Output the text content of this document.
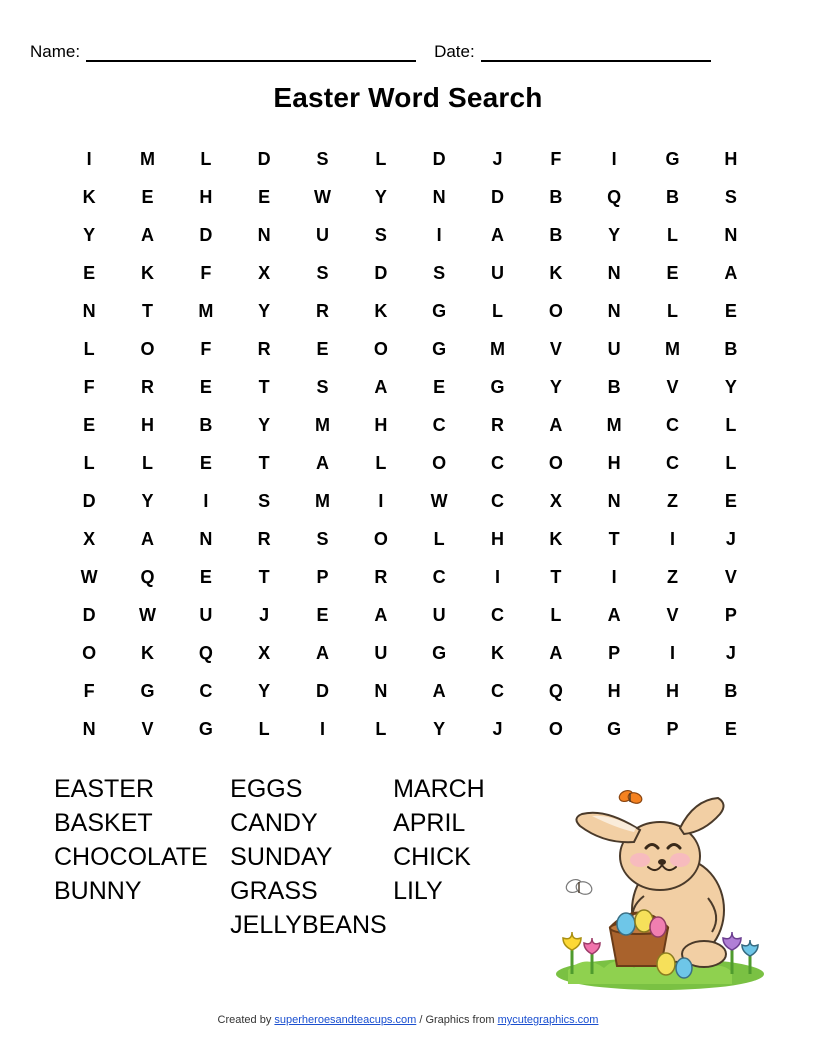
Name:	Date:
Easter Word Search
I	M	L	D	S	L	D	J	F	I	G	H
K	E	H	E	W	Y	N	D	B	Q	B	S
Y	A	D	N	U	S	I	A	B	Y	L	N
E	K	F	X	S	D	S	U	K	N	E	A
N	T	M	Y	R	K	G	L	O	N	L	E
L	O	F	R	E	O	G	M	V	U	M	B
F	R	E	T	S	A	E	G	Y	B	V	Y
E	H	B	Y	M	H	C	R	A	M	C	L
L	L	E	T	A	L	O	C	O	H	C	L
D	Y	I	S	M	I	W	C	X	N	Z	E
X	A	N	R	S	O	L	H	K	T	I	J
W	Q	E	T	P	R	C	I	T	I	Z	V
D	W	U	J	E	A	U	C	L	A	V	P
O	K	Q	X	A	U	G	K	A	P	I	J
F	G	C	Y	D	N	A	C	Q	H	H	B
N	V	G	L	I	L	Y	J	O	G	P	E
EASTER
BASKET
CHOCOLATE
BUNNY
EGGS
CANDY
SUNDAY
GRASS
JELLYBEANS
MARCH
APRIL
CHICK
LILY
Created by superheroesandteacups.com / Graphics from mycutegraphics.com
